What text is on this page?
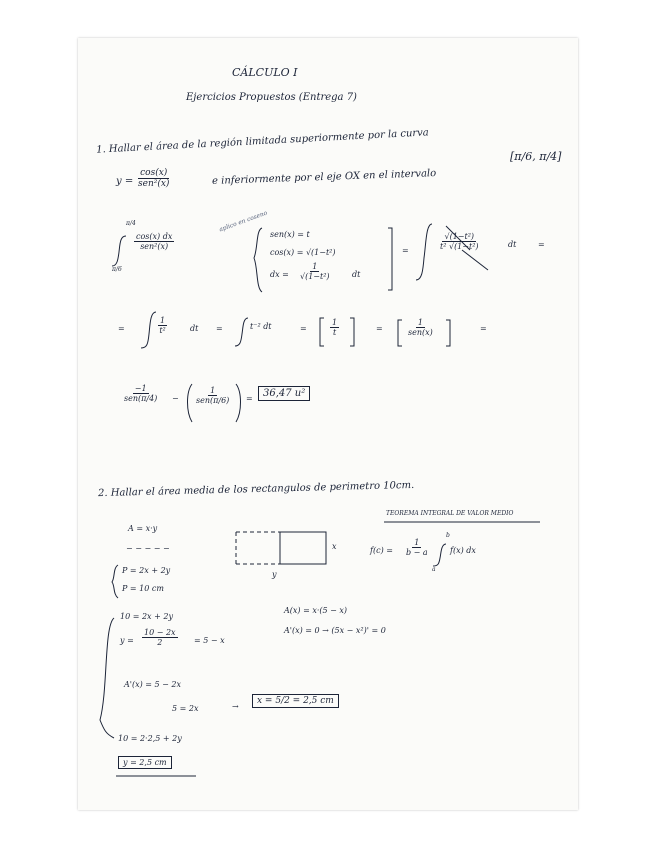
CÁLCULO I
Ejercicios Propuestos (Entrega 7)
1. Hallar el área de la región limitada superiormente por la curva
y =
cos(x)
sen²(x)	e inferiormente por el eje OX en el intervalo
[π/6, π/4]
π/4
π/6
cos(x) dx
sen²(x)
aplico en coseno
sen(x) = t
cos(x) = √(1−t²)
dx = $\frac{1}{\text{√(1−t²)}}$	dt
=	$\frac{\text{√(1−t²)}}{\text{t² √(1−t²)}}$	dt	=
=	$\frac{1}{\text{t²}}$	dt =	t⁻² dt	=	$\frac{1}{t}$	=
1
sen(x)	=
−1
sen(π/4) −
1
sen(π/6) =	36,47 u²
2. Hallar el área media de los rectangulos de perimetro 10cm.
TEOREMA INTEGRAL DE VALOR MEDIO
$f(c) = \frac{1}{b - a}$
b
a
f(x) dx
A = x·y
− − − − −
P = 2x + 2y
P = 10 cm
x
y
10 = 2x + 2y
$y = \frac{10 - 2x}{2} = 5 - x$
A(x) = x·(5 − x)
A'(x) = 0 → (5x − x²)' = 0
A'(x) = 5 − 2x
5 = 2x	→
x = 5/2 = 2,5 cm
10 = 2·2,5 + 2y
y = 2,5 cm
